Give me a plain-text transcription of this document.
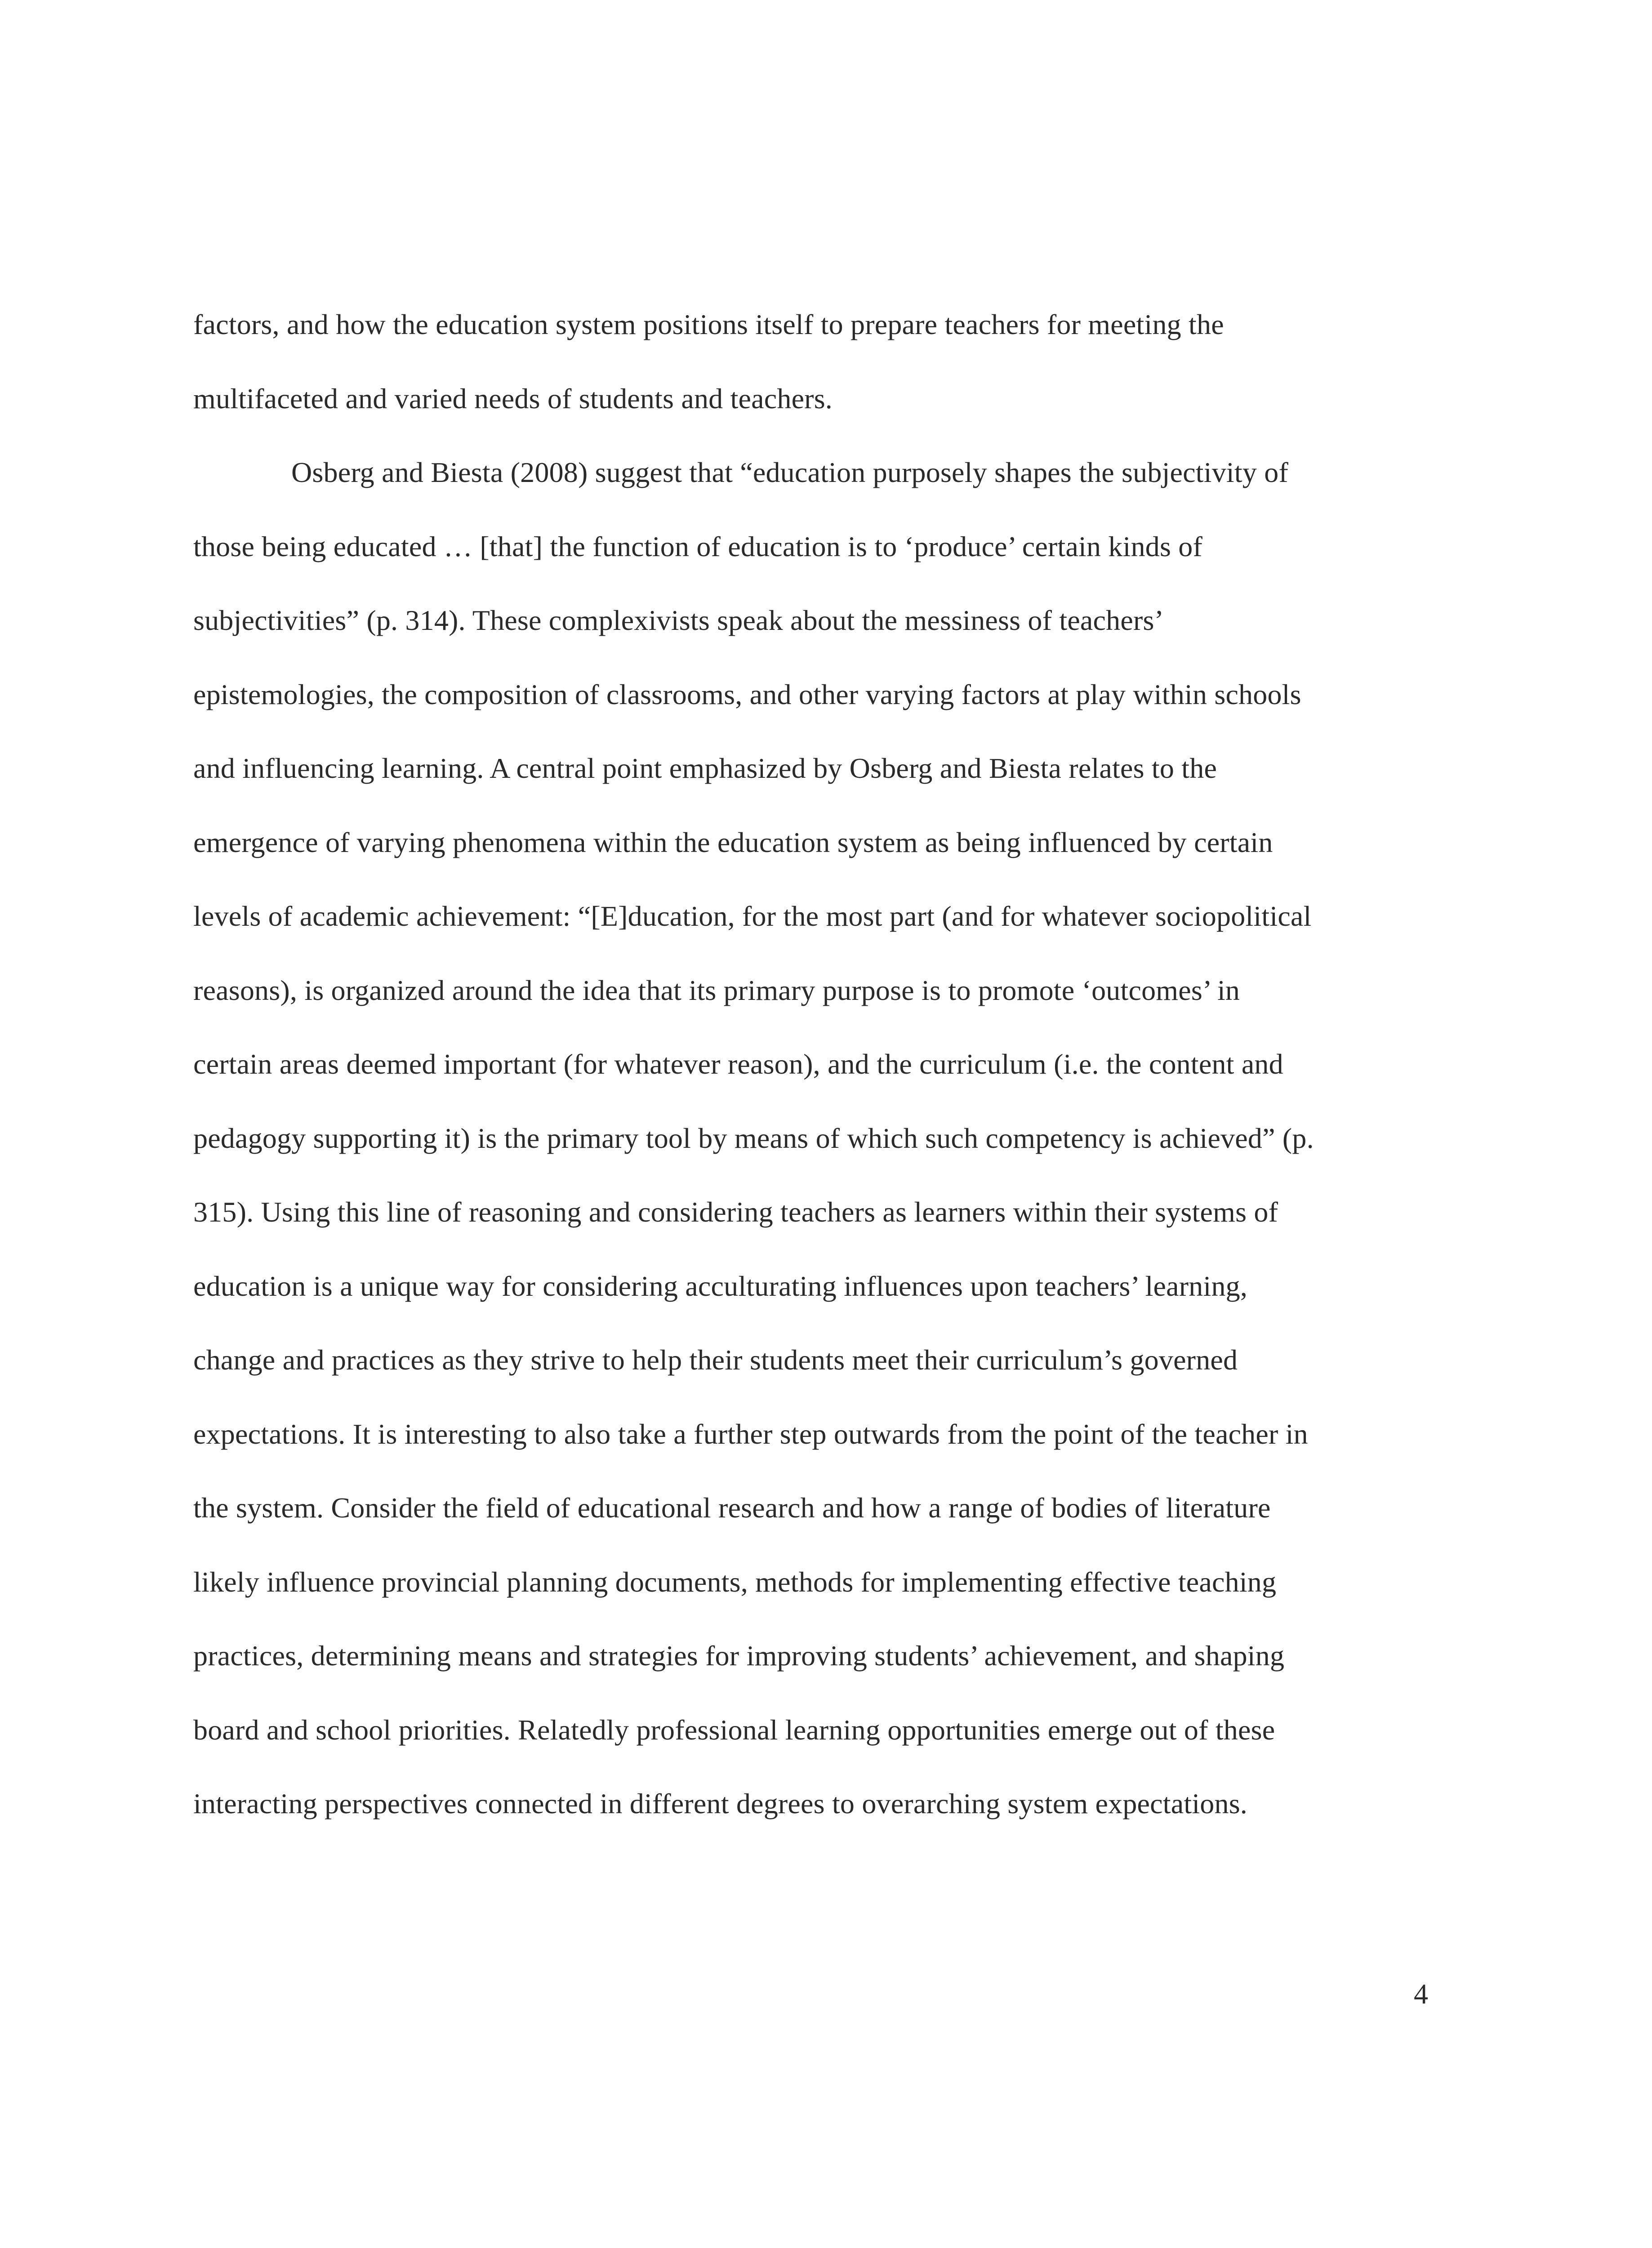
factors, and how the education system positions itself to prepare teachers for meeting the
multifaceted and varied needs of students and teachers.
Osberg and Biesta (2008) suggest that “education purposely shapes the subjectivity of
those being educated … [that] the function of education is to ‘produce’ certain kinds of
subjectivities” (p. 314). These complexivists speak about the messiness of teachers’
epistemologies, the composition of classrooms, and other varying factors at play within schools
and influencing learning. A central point emphasized by Osberg and Biesta relates to the
emergence of varying phenomena within the education system as being influenced by certain
levels of academic achievement: “[E]ducation, for the most part (and for whatever sociopolitical
reasons), is organized around the idea that its primary purpose is to promote ‘outcomes’ in
certain areas deemed important (for whatever reason), and the curriculum (i.e. the content and
pedagogy supporting it) is the primary tool by means of which such competency is achieved” (p.
315). Using this line of reasoning and considering teachers as learners within their systems of
education is a unique way for considering acculturating influences upon teachers’ learning,
change and practices as they strive to help their students meet their curriculum’s governed
expectations. It is interesting to also take a further step outwards from the point of the teacher in
the system. Consider the field of educational research and how a range of bodies of literature
likely influence provincial planning documents, methods for implementing effective teaching
practices, determining means and strategies for improving students’ achievement, and shaping
board and school priorities. Relatedly professional learning opportunities emerge out of these
interacting perspectives connected in different degrees to overarching system expectations.
4
